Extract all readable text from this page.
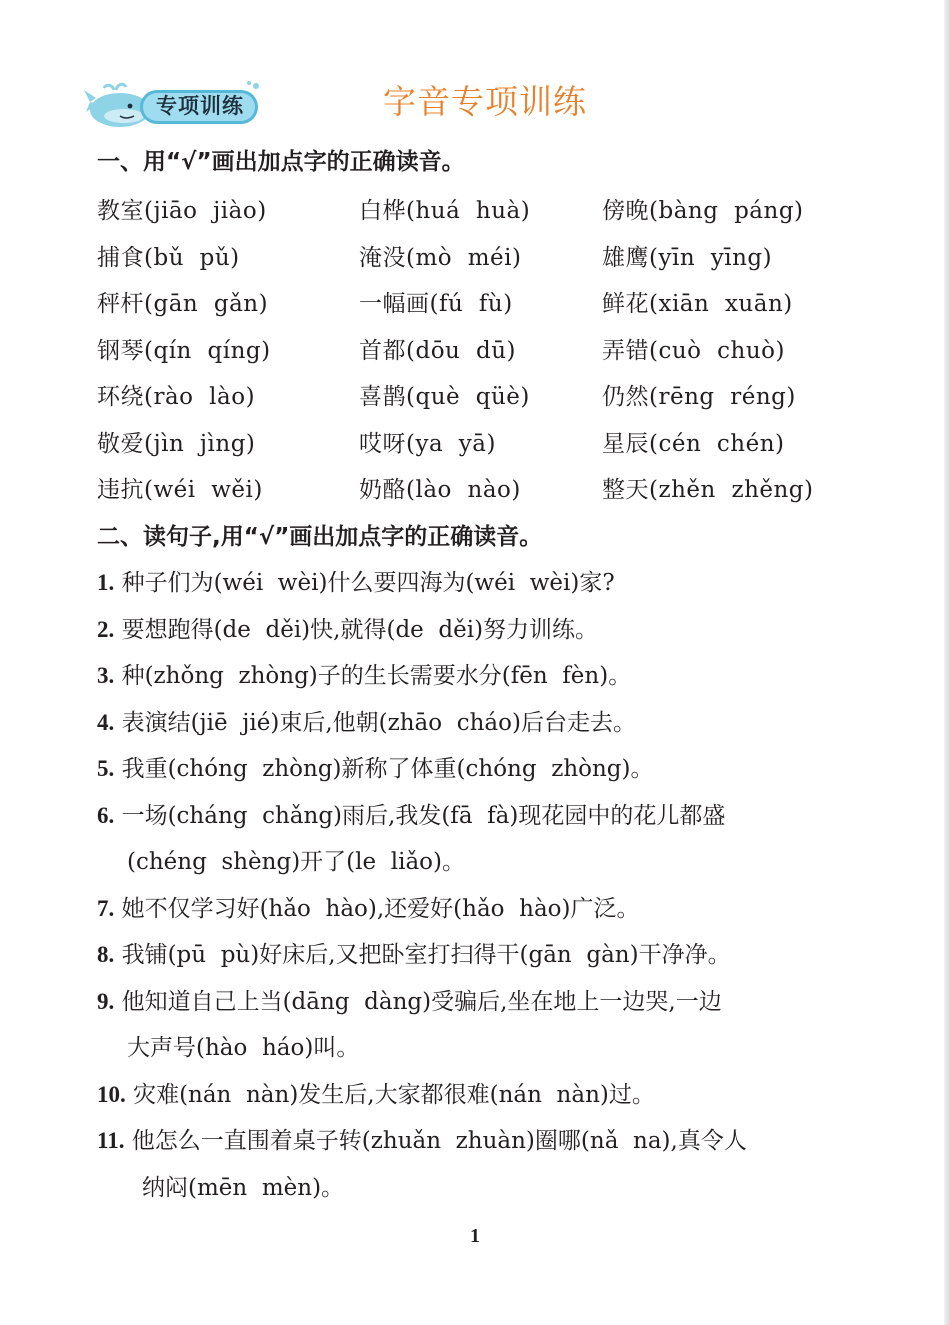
专项训练	字音专项训练
一、用“√”画出加点字的正确读音。
教室(jiāo  jiào)	白桦(huá  huà)	傍晚(bàng  páng)
捕食(bǔ  pǔ)	淹没(mò  méi)	雄鹰(yīn  yīng)
秤杆(gān  gǎn)	一幅画(fú  fù)	鲜花(xiān  xuān)
钢琴(qín  qíng)	首都(dōu  dū)	弄错(cuò  chuò)
环绕(rào  lào)	喜鹊(què  qüè)	仍然(rēng  réng)
敬爱(jìn  jìng)	哎呀(ya  yā)	星辰(cén  chén)
违抗(wéi  wěi)	奶酪(lào  nào)	整天(zhěn  zhěng)
二、读句子,用“√”画出加点字的正确读音。
1. 种子们为(wéi  wèi)什么要四海为(wéi  wèi)家?
2. 要想跑得(de  děi)快,就得(de  děi)努力训练。
3. 种(zhǒng  zhòng)子的生长需要水分(fēn  fèn)。
4. 表演结(jiē  jié)束后,他朝(zhāo  cháo)后台走去。
5. 我重(chóng  zhòng)新称了体重(chóng  zhòng)。
6. 一场(cháng  chǎng)雨后,我发(fā  fà)现花园中的花儿都盛
(chéng  shèng)开了(le  liǎo)。
7. 她不仅学习好(hǎo  hào),还爱好(hǎo  hào)广泛。
8. 我铺(pū  pù)好床后,又把卧室打扫得干(gān  gàn)干净净。
9. 他知道自己上当(dāng  dàng)受骗后,坐在地上一边哭,一边
大声号(hào  háo)叫。
10. 灾难(nán  nàn)发生后,大家都很难(nán  nàn)过。
11. 他怎么一直围着桌子转(zhuǎn  zhuàn)圈哪(nǎ  na),真令人
纳闷(mēn  mèn)。
1
